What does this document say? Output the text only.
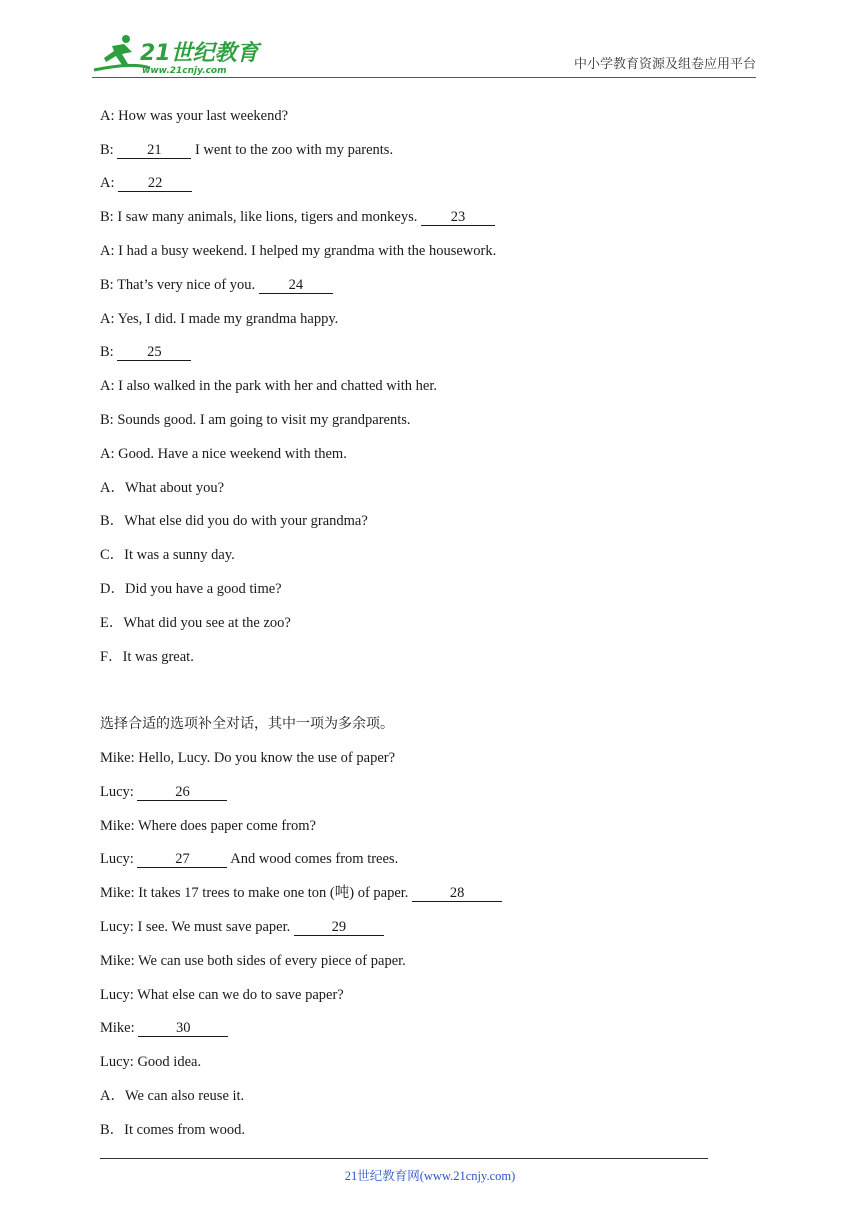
21世纪教育
www.21cnjy.com	中小学教育资源及组卷应用平台
A: How was your last weekend?
B: 21 I went to the zoo with my parents.
A: 22
B: I saw many animals, like lions, tigers and monkeys. 23
A: I had a busy weekend. I helped my grandma with the housework.
B: That’s very nice of you. 24
A: Yes, I did. I made my grandma happy.
B: 25
A: I also walked in the park with her and chatted with her.
B: Sounds good. I am going to visit my grandparents.
A: Good. Have a nice weekend with them.
A．What about you?
B．What else did you do with your grandma?
C．It was a sunny day.
D．Did you have a good time?
E．What did you see at the zoo?
F．It was great.
选择合适的选项补全对话，其中一项为多余项。
Mike: Hello, Lucy. Do you know the use of paper?
Lucy:	26
Mike: Where does paper come from?
Lucy:	27	And wood comes from trees.
Mike: It takes 17 trees to make one ton (吨) of paper.	28
Lucy: I see. We must save paper.	29
Mike: We can use both sides of every piece of paper.
Lucy: What else can we do to save paper?
Mike:	30
Lucy: Good idea.
A．We can also reuse it.
B．It comes from wood.
21世纪教育网(www.21cnjy.com)
